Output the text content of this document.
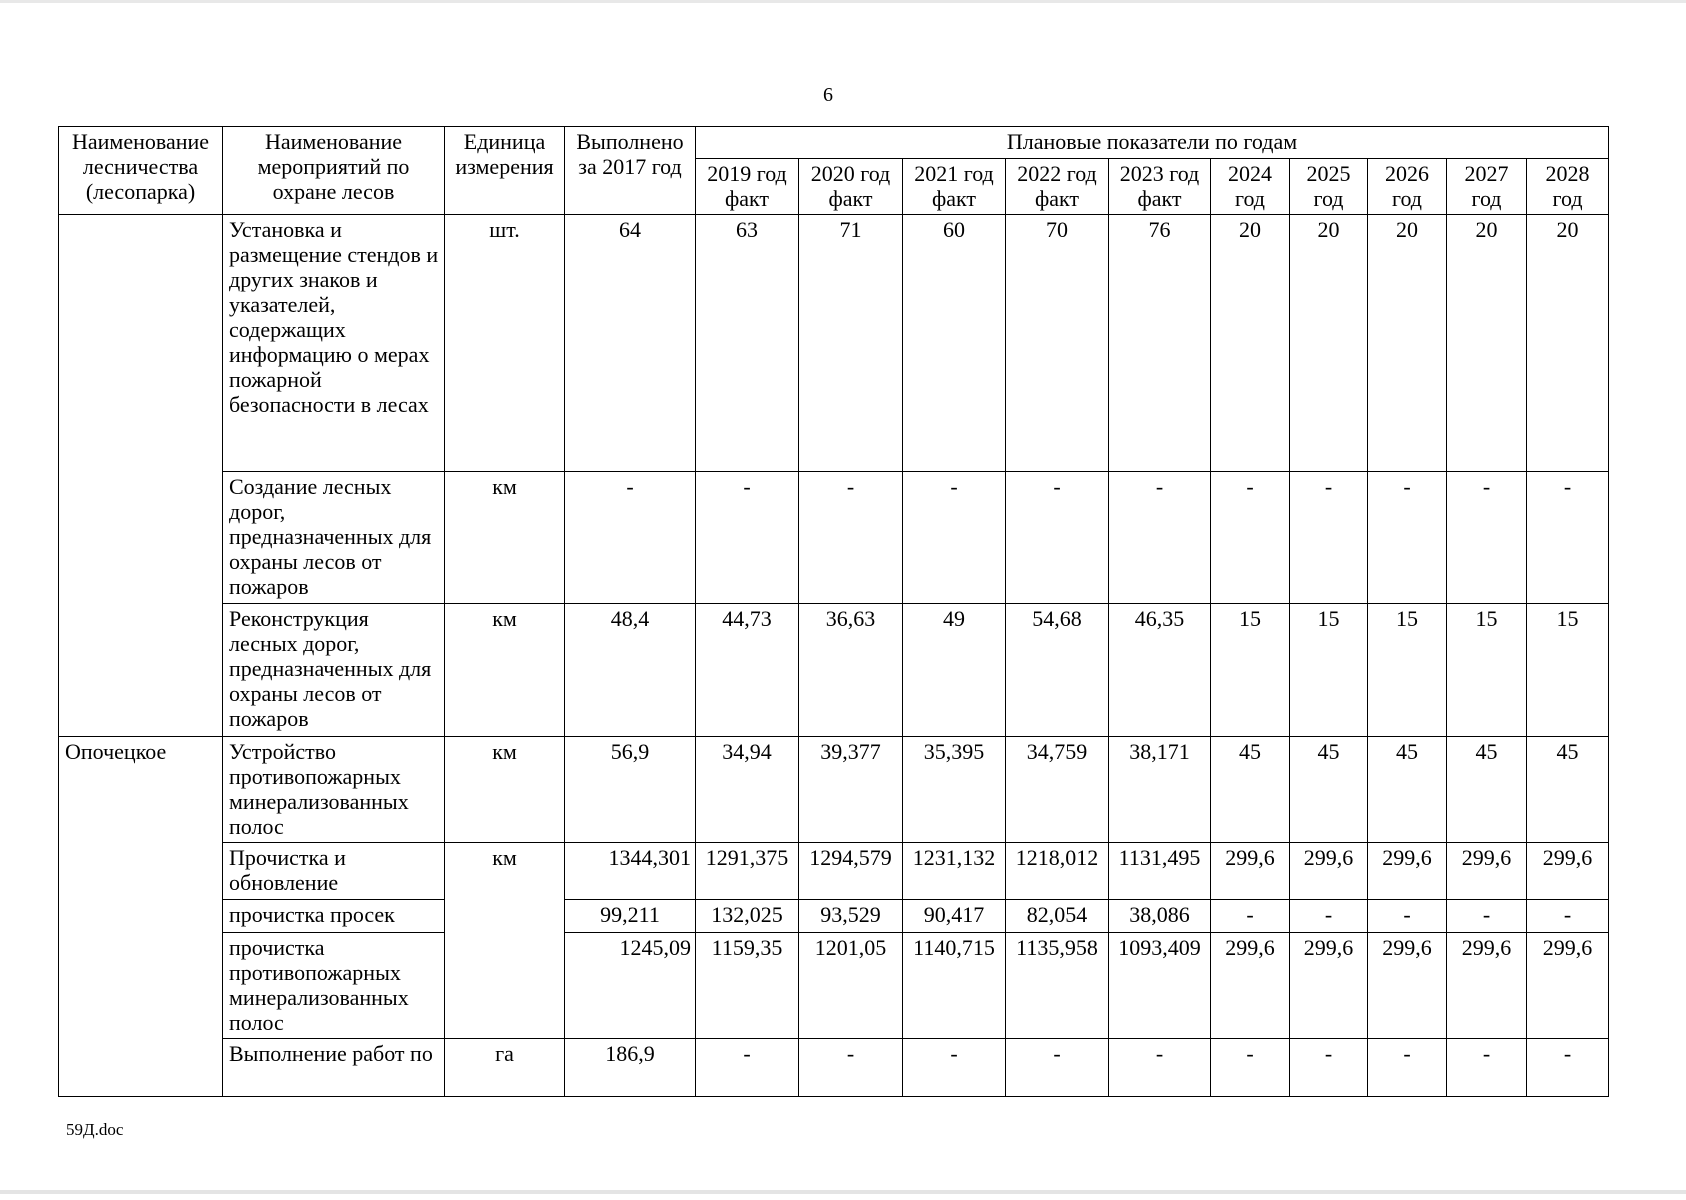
6
Наименование лесничества (лесопарка)	Наименование мероприятий по охране лесов	Единица измерения	Выполнено за 2017 год	Плановые показатели по годам									
				2019 год факт	2020 год факт	2021 год факт	2022 год факт	2023 год факт	2024 год	2025 год	2026 год	2027 год	2028 год
	Установка и размещение стендов и других знаков и указателей, содержащих информацию о мерах пожарной безопасности в лесах	шт.	64	63	71	60	70	76	20	20	20	20	20
	Создание лесных дорог, предназначенных для охраны лесов от пожаров	км	-	-	-	-	-	-	-	-	-	-	-
	Реконструкция лесных дорог, предназначенных для охраны лесов от пожаров	км	48,4	44,73	36,63	49	54,68	46,35	15	15	15	15	15
Опочецкое	Устройство противопожарных минерализованных полос	км	56,9	34,94	39,377	35,395	34,759	38,171	45	45	45	45	45
	Прочистка и обновление	км	1344,301	1291,375	1294,579	1231,132	1218,012	1131,495	299,6	299,6	299,6	299,6	299,6
	прочистка просек		99,211	132,025	93,529	90,417	82,054	38,086	-	-	-	-	-
	прочистка противопожарных минерализованных полос		1245,09	1159,35	1201,05	1140,715	1135,958	1093,409	299,6	299,6	299,6	299,6	299,6
	Выполнение работ по	га	186,9	-	-	-	-	-	-	-	-	-	-
59Д.doc
